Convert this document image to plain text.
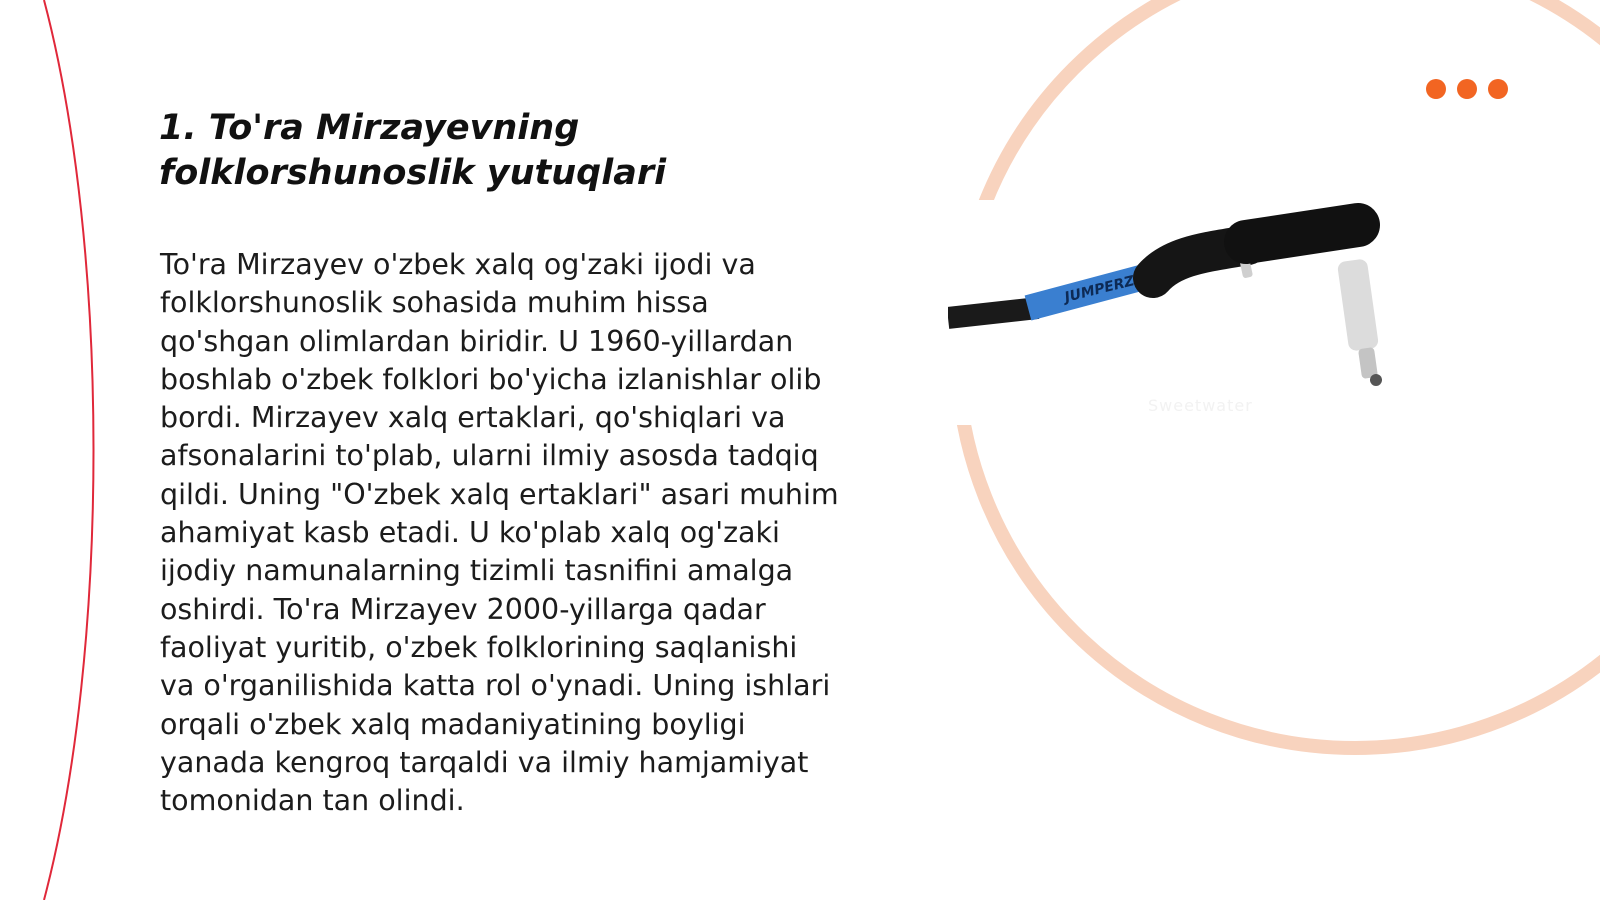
1. To'ra Mirzayevning folklorshunoslik yutuqlari

To'ra Mirzayev o'zbek xalq og'zaki ijodi va folklorshunoslik sohasida muhim hissa qo'shgan olimlardan biridir. U 1960-yillardan boshlab o'zbek folklori bo'yicha izlanishlar olib bordi. Mirzayev xalq ertaklari, qo'shiqlari va afsonalarini to'plab, ularni ilmiy asosda tadqiq qildi. Uning "O'zbek xalq ertaklari" asari muhim ahamiyat kasb etadi. U ko'plab xalq og'zaki ijodiy namunalarning tizimli tasnifini amalga oshirdi. To'ra Mirzayev 2000-yillarga qadar faoliyat yuritib, o'zbek folklorining saqlanishi va o'rganilishida katta rol o'ynadi. Uning ishlari orqali o'zbek xalq madaniyatining boyligi yanada kengroq tarqaldi va ilmiy hamjamiyat tomonidan tan olindi.

JUMPERZ 20'
Sweetwater
